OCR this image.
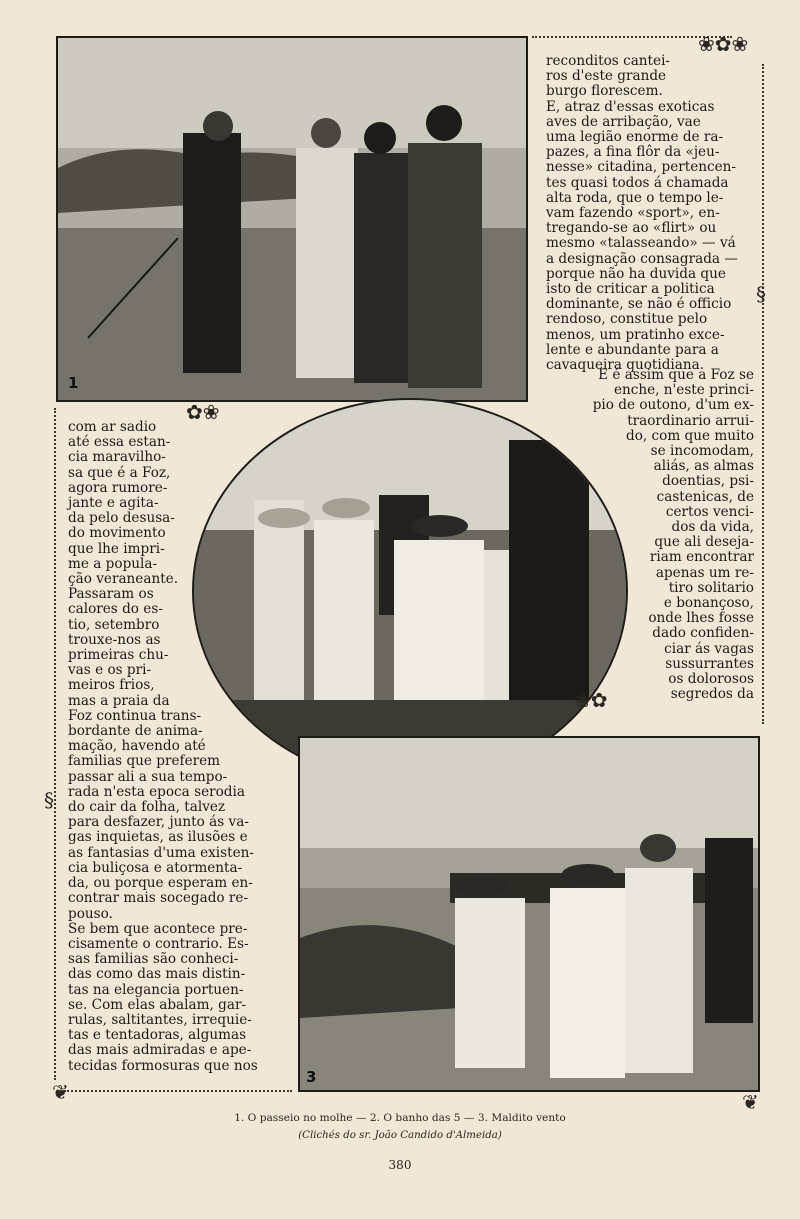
1
3
❀✿❀
✿❀
❀✿
§
§
❦	❦

reconditos cantei-

ros d'este grande

burgo florescem.

E, atraz d'essas exoticas

aves de arribação, vae

uma legião enorme de ra-

pazes, a fina flôr da «jeu-

nesse» citadina, pertencen-

tes quasi todos á chamada

alta roda, que o tempo le-

vam fazendo «sport», en-

tregando-se ao «flirt» ou

mesmo «talasseando» — vá

a designação consagrada —

porque não ha duvida que

isto de criticar a politica

dominante, se não é officio

rendoso, constitue pelo

menos, um pratinho exce-

lente e abundante para a

cavaqueira quotidiana.

E é assim que a Foz se

enche, n'este princi-

pio de outono, d'um ex-

traordinario arrui-

do, com que muito

se incomodam,

aliás, as almas

doentias, psi-

castenicas, de

certos venci-

dos da vida,

que ali deseja-

riam encontrar

apenas um re-

tiro solitario

e bonançoso,

onde lhes fosse

dado confiden-

ciar ás vagas

sussurrantes

os dolorosos

segredos da

com ar sadio

até essa estan-

cia maravilho-

sa que é a Foz,

agora rumore-

jante e agita-

da pelo desusa-

do movimento

que lhe impri-

me a popula-

ção veraneante.

Passaram os

calores do es-

tio, setembro

trouxe-nos as

primeiras chu-

vas e os pri-

meiros frios,

mas a praia da

Foz continua trans-

bordante de anima-

mação, havendo até

familias que preferem

passar ali a sua tempo-

rada n'esta epoca serodia

do cair da folha, talvez

para desfazer, junto ás va-

gas inquietas, as ilusões e

as fantasias d'uma existen-

cia buliçosa e atormenta-

da, ou porque esperam en-

contrar mais socegado re-

pouso.

Se bem que acontece pre-

cisamente o contrario. Es-

sas familias são conheci-

das como das mais distin-

tas na elegancia portuen-

se. Com elas abalam, gar-

rulas, saltitantes, irrequie-

tas e tentadoras, algumas

das mais admiradas e ape-

tecidas formosuras que nos

1. O passeio no molhe — 2. O banho das 5 — 3. Maldito vento
(Clichés do sr. João Candido d'Almeida)
380
